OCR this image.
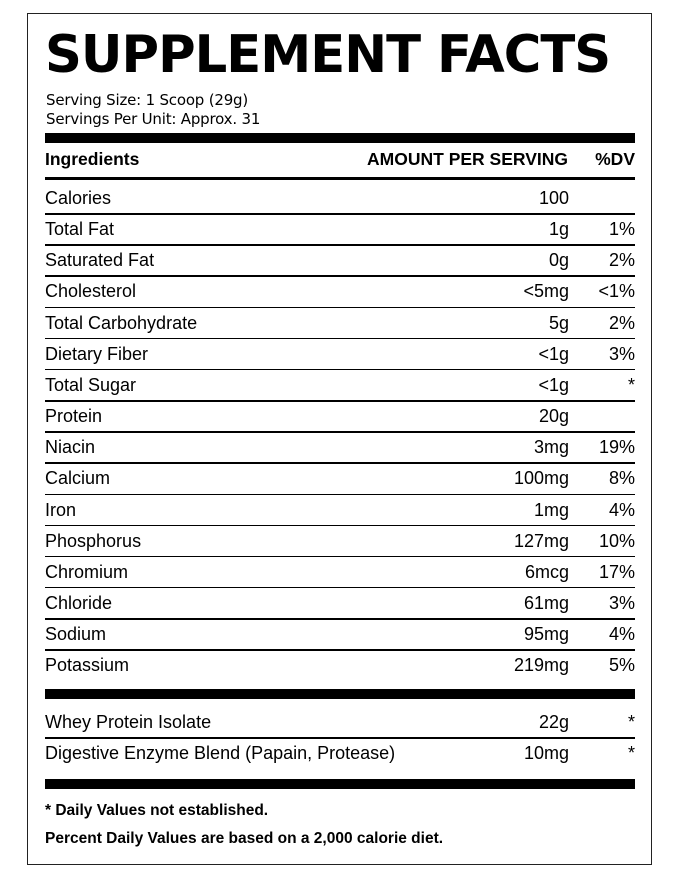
SUPPLEMENT FACTS
Serving Size: 1 Scoop (29g)
Servings Per Unit: Approx. 31
Ingredients	AMOUNT PER SERVING %DV
Calories	100
Total Fat	1g 1%
Saturated Fat	0g 2%
Cholesterol	<5mg <1%
Total Carbohydrate	5g 2%
Dietary Fiber	<1g 3%
Total Sugar	<1g	*
Protein	20g
Niacin	3mg 19%
Calcium	100mg 8%
Iron	1mg 4%
Phosphorus	127mg 10%
Chromium	6mcg 17%
Chloride	61mg 3%
Sodium	95mg 4%
Potassium	219mg 5%
Whey Protein Isolate	22g	*
Digestive Enzyme Blend (Papain, Protease)	10mg	*
* Daily Values not established.
Percent Daily Values are based on a 2,000 calorie diet.
